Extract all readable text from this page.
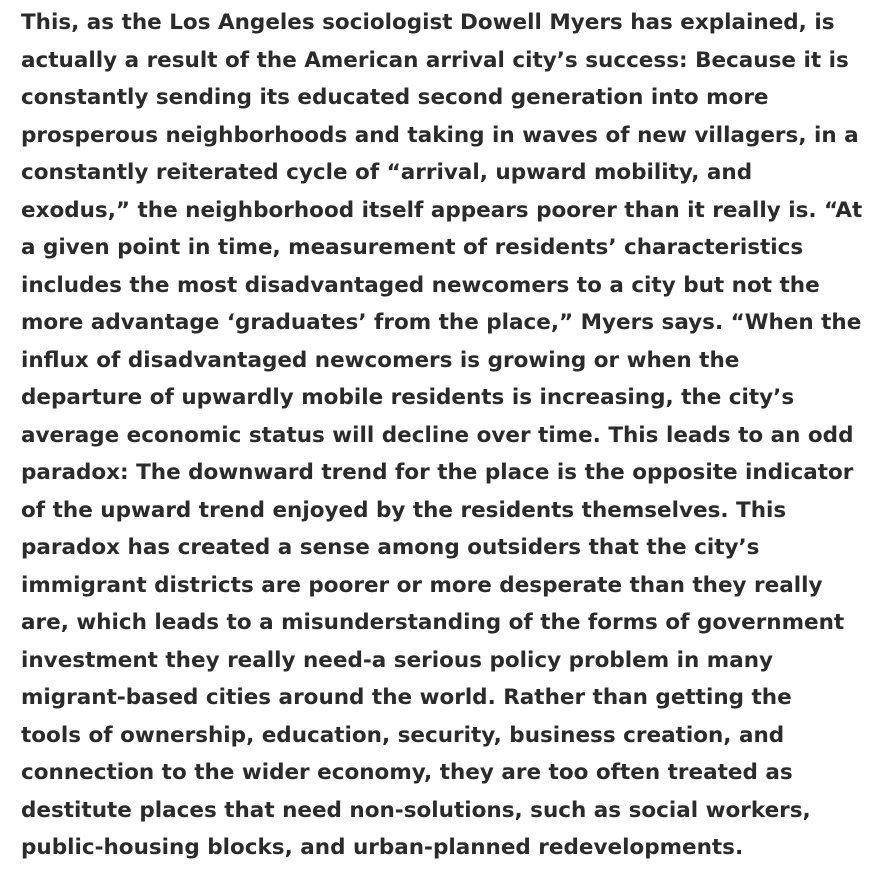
This, as the Los Angeles sociologist Dowell Myers has explained, is
actually a result of the American arrival city’s success: Because it is
constantly sending its educated second generation into more
prosperous neighborhoods and taking in waves of new villagers, in a
constantly reiterated cycle of “arrival, upward mobility, and
exodus,” the neighborhood itself appears poorer than it really is. “At
a given point in time, measurement of residents’ characteristics
includes the most disadvantaged newcomers to a city but not the
more advantage ‘graduates’ from the place,” Myers says. “When the
influx of disadvantaged newcomers is growing or when the
departure of upwardly mobile residents is increasing, the city’s
average economic status will decline over time. This leads to an odd
paradox: The downward trend for the place is the opposite indicator
of the upward trend enjoyed by the residents themselves. This
paradox has created a sense among outsiders that the city’s
immigrant districts are poorer or more desperate than they really
are, which leads to a misunderstanding of the forms of government
investment they really need-a serious policy problem in many
migrant-based cities around the world. Rather than getting the
tools of ownership, education, security, business creation, and
connection to the wider economy, they are too often treated as
destitute places that need non-solutions, such as social workers,
public-housing blocks, and urban-planned redevelopments.
